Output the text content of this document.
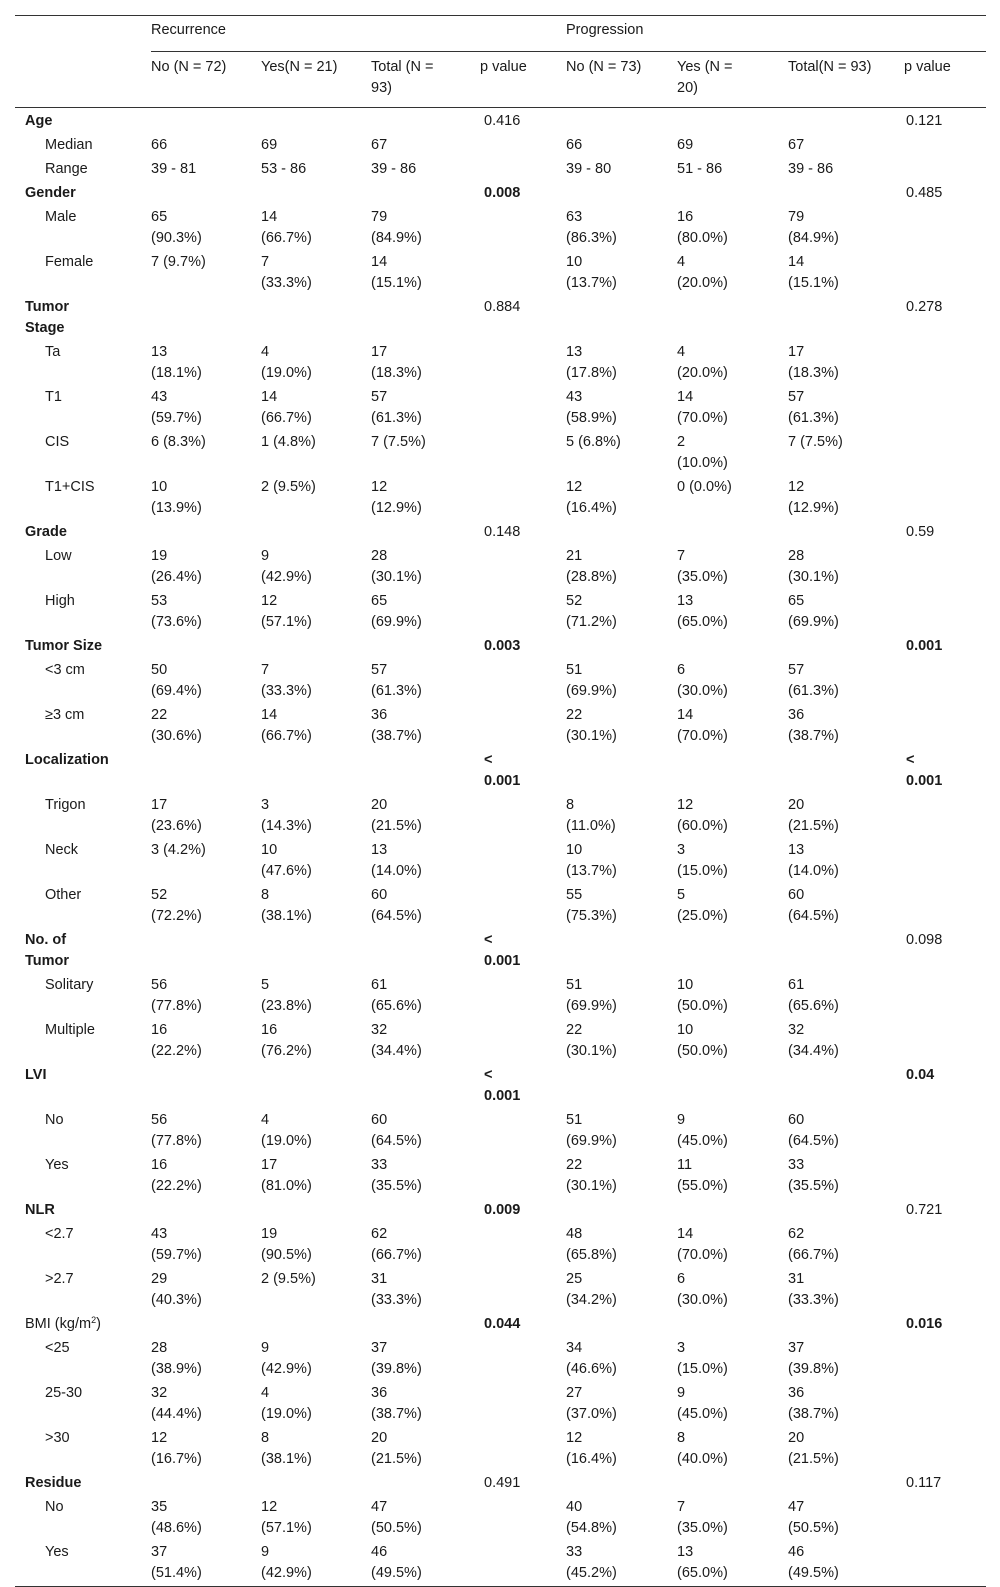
	Recurrence				Progression			
	No (N = 72)	Yes(N = 21)	Total (N = 93)	p value	No (N = 73)	Yes (N = 20)	Total(N = 93)	p value
Age				0.416				0.121

Median	66	69	67		66	69	67	

Range	39 - 81	53 - 86	39 - 86		39 - 80	51 - 86	39 - 86	

Gender				0.008				0.485

Male	65 (90.3%)	14 (66.7%)	79 (84.9%)		63 (86.3%)	16 (80.0%)	79 (84.9%)	

Female	7 (9.7%)	7 (33.3%)	14 (15.1%)		10 (13.7%)	4 (20.0%)	14 (15.1%)	

Tumor Stage				0.884				0.278

Ta	13 (18.1%)	4 (19.0%)	17 (18.3%)		13 (17.8%)	4 (20.0%)	17 (18.3%)	

T1	43 (59.7%)	14 (66.7%)	57 (61.3%)		43 (58.9%)	14 (70.0%)	57 (61.3%)	

CIS	6 (8.3%)	1 (4.8%)	7 (7.5%)		5 (6.8%)	2 (10.0%)	7 (7.5%)	

T1+CIS	10 (13.9%)	2 (9.5%)	12 (12.9%)		12 (16.4%)	0 (0.0%)	12 (12.9%)	

Grade				0.148				0.59

Low	19 (26.4%)	9 (42.9%)	28 (30.1%)		21 (28.8%)	7 (35.0%)	28 (30.1%)	

High	53 (73.6%)	12 (57.1%)	65 (69.9%)		52 (71.2%)	13 (65.0%)	65 (69.9%)	

Tumor Size				0.003				0.001

<3 cm	50 (69.4%)	7 (33.3%)	57 (61.3%)		51 (69.9%)	6 (30.0%)	57 (61.3%)	

≥3 cm	22 (30.6%)	14 (66.7%)	36 (38.7%)		22 (30.1%)	14 (70.0%)	36 (38.7%)	

Localization				< 0.001				< 0.001

Trigon	17 (23.6%)	3 (14.3%)	20 (21.5%)		8 (11.0%)	12 (60.0%)	20 (21.5%)	

Neck	3 (4.2%)	10 (47.6%)	13 (14.0%)		10 (13.7%)	3 (15.0%)	13 (14.0%)	

Other	52 (72.2%)	8 (38.1%)	60 (64.5%)		55 (75.3%)	5 (25.0%)	60 (64.5%)	

No. of Tumor				< 0.001				0.098

Solitary	56 (77.8%)	5 (23.8%)	61 (65.6%)		51 (69.9%)	10 (50.0%)	61 (65.6%)	

Multiple	16 (22.2%)	16 (76.2%)	32 (34.4%)		22 (30.1%)	10 (50.0%)	32 (34.4%)	

LVI				< 0.001				0.04

No	56 (77.8%)	4 (19.0%)	60 (64.5%)		51 (69.9%)	9 (45.0%)	60 (64.5%)	

Yes	16 (22.2%)	17 (81.0%)	33 (35.5%)		22 (30.1%)	11 (55.0%)	33 (35.5%)	

NLR				0.009				0.721

<2.7	43 (59.7%)	19 (90.5%)	62 (66.7%)		48 (65.8%)	14 (70.0%)	62 (66.7%)	

>2.7	29 (40.3%)	2 (9.5%)	31 (33.3%)		25 (34.2%)	6 (30.0%)	31 (33.3%)	

BMI $(kg/m^2)$				0.044				0.016

<25	28 (38.9%)	9 (42.9%)	37 (39.8%)		34 (46.6%)	3 (15.0%)	37 (39.8%)	

25-30	32 (44.4%)	4 (19.0%)	36 (38.7%)		27 (37.0%)	9 (45.0%)	36 (38.7%)	

>30	12 (16.7%)	8 (38.1%)	20 (21.5%)		12 (16.4%)	8 (40.0%)	20 (21.5%)	

Residue				0.491				0.117

No	35 (48.6%)	12 (57.1%)	47 (50.5%)		40 (54.8%)	7 (35.0%)	47 (50.5%)	

Yes	37 (51.4%)	9 (42.9%)	46 (49.5%)		33 (45.2%)	13 (65.0%)	46 (49.5%)	
